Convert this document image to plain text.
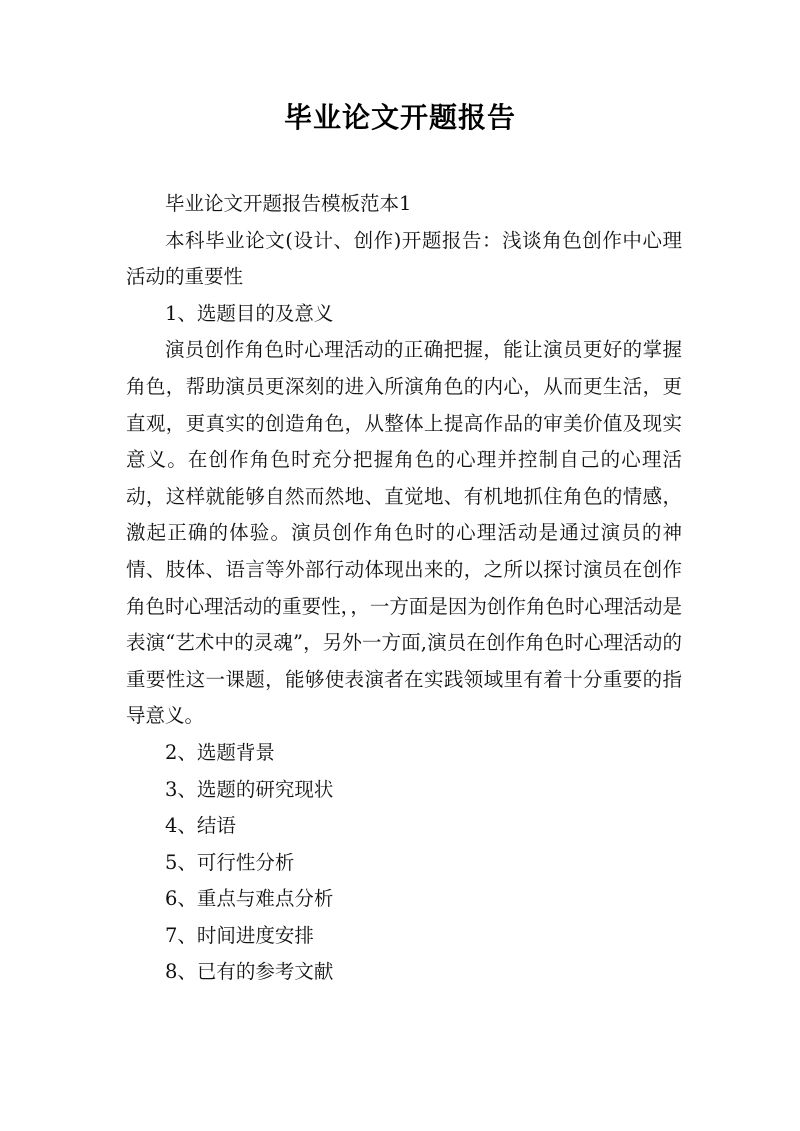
毕业论文开题报告

毕业论文开题报告模板范本1

本科毕业论文(设计、创作)开题报告：浅谈角色创作中心理活动的重要性

1、选题目的及意义

演员创作角色时心理活动的正确把握，能让演员更好的掌握角色，帮助演员更深刻的进入所演角色的内心，从而更生活，更直观，更真实的创造角色，从整体上提高作品的审美价值及现实意义。在创作角色时充分把握角色的心理并控制自己的心理活动，这样就能够自然而然地、直觉地、有机地抓住角色的情感，激起正确的体验。演员创作角色时的心理活动是通过演员的神情、肢体、语言等外部行动体现出来的，之所以探讨演员在创作角色时心理活动的重要性，，一方面是因为创作角色时心理活动是表演“艺术中的灵魂”，另外一方面,演员在创作角色时心理活动的重要性这一课题，能够使表演者在实践领域里有着十分重要的指导意义。

2、选题背景

3、选题的研究现状

4、结语

5、可行性分析

6、重点与难点分析

7、时间进度安排

8、已有的参考文献
